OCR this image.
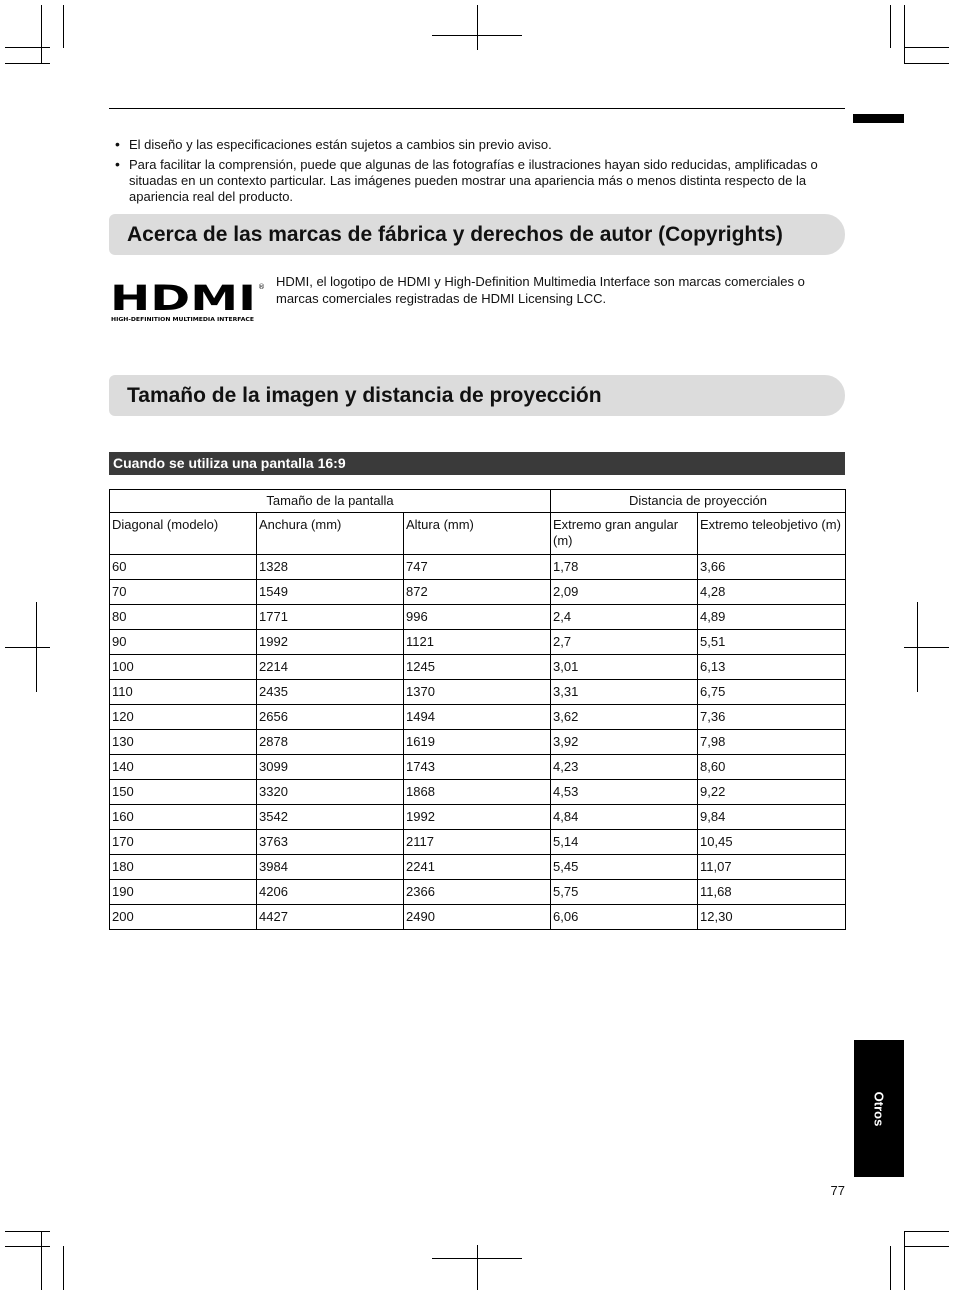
• El diseño y las especificaciones están sujetos a cambios sin previo aviso.
• Para facilitar la comprensión, puede que algunas de las fotografías e ilustraciones hayan sido reducidas, amplificadas o situadas en un contexto particular. Las imágenes pueden mostrar una apariencia más o menos distinta respecto de la apariencia real del producto.
Acerca de las marcas de fábrica y derechos de autor (Copyrights)
HDMI ®
HIGH-DEFINITION MULTIMEDIA INTERFACE
HDMI, el logotipo de HDMI y High-Definition Multimedia Interface son marcas comerciales o marcas comerciales registradas de HDMI Licensing LCC.
Tamaño de la imagen y distancia de proyección
Cuando se utiliza una pantalla 16:9
Tamaño de la pantalla			Distancia de proyección	
Diagonal (modelo)	Anchura (mm)	Altura (mm)	Extremo gran angular (m)	Extremo teleobjetivo (m)
60	1328	747	1,78	3,66
70	1549	872	2,09	4,28
80	1771	996	2,4	4,89
90	1992	1121	2,7	5,51
100	2214	1245	3,01	6,13
110	2435	1370	3,31	6,75
120	2656	1494	3,62	7,36
130	2878	1619	3,92	7,98
140	3099	1743	4,23	8,60
150	3320	1868	4,53	9,22
160	3542	1992	4,84	9,84
170	3763	2117	5,14	10,45
180	3984	2241	5,45	11,07
190	4206	2366	5,75	11,68
200	4427	2490	6,06	12,30
Otros
77
